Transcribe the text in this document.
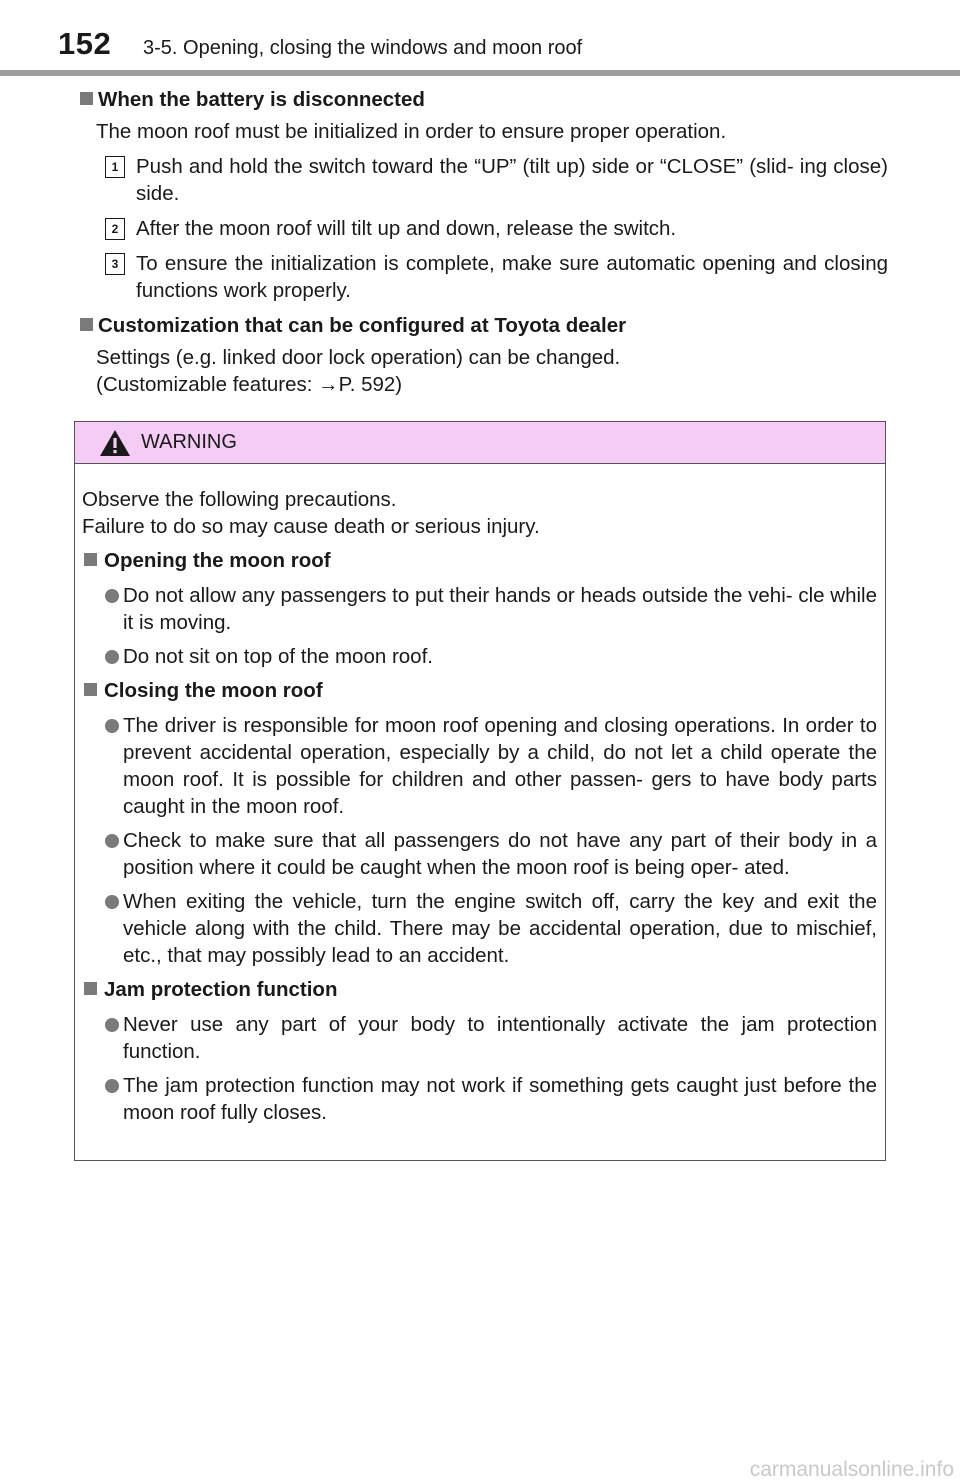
152 3-5. Opening, closing the windows and moon roof
When the battery is disconnected
The moon roof must be initialized in order to ensure proper operation.
1 Push and hold the switch toward the “UP” (tilt up) side or “CLOSE” (slid- ing close) side.
2 After the moon roof will tilt up and down, release the switch.
3 To ensure the initialization is complete, make sure automatic opening and closing functions work properly.
Customization that can be configured at Toyota dealer
Settings (e.g. linked door lock operation) can be changed.
(Customizable features: →P. 592)
WARNING
Observe the following precautions.
Failure to do so may cause death or serious injury.
Opening the moon roof
Do not allow any passengers to put their hands or heads outside the vehi- cle while it is moving.
Do not sit on top of the moon roof.
Closing the moon roof
The driver is responsible for moon roof opening and closing operations. In order to prevent accidental operation, especially by a child, do not let a child operate the moon roof. It is possible for children and other passen- gers to have body parts caught in the moon roof.
Check to make sure that all passengers do not have any part of their body in a position where it could be caught when the moon roof is being oper- ated.
When exiting the vehicle, turn the engine switch off, carry the key and exit the vehicle along with the child. There may be accidental operation, due to mischief, etc., that may possibly lead to an accident.
Jam protection function
Never use any part of your body to intentionally activate the jam protection function.
The jam protection function may not work if something gets caught just before the moon roof fully closes.
carmanualsonline.info
